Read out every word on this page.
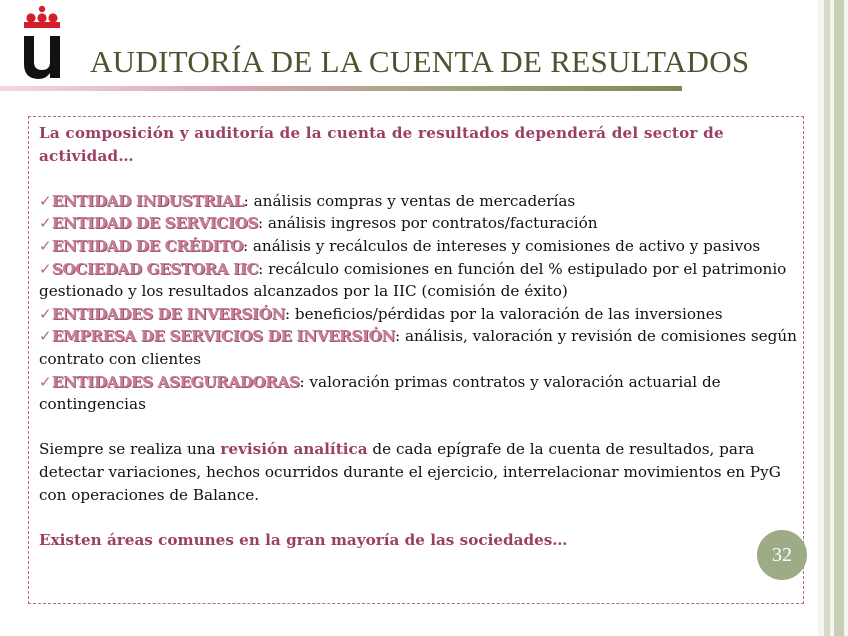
AUDITORÍA DE LA CUENTA DE RESULTADOS
La composición y auditoría de la cuenta de resultados dependerá del sector de actividad…
✓ENTIDAD INDUSTRIAL: análisis compras y ventas de mercaderías
✓ENTIDAD DE SERVICIOS: análisis ingresos por contratos/facturación
✓ENTIDAD DE CRÉDITO: análisis y recálculos de intereses y comisiones de activo y pasivos
✓SOCIEDAD GESTORA IIC: recálculo comisiones en función del % estipulado por el patrimonio gestionado y los resultados alcanzados por la IIC (comisión de éxito)
✓ENTIDADES DE INVERSIÓN: beneficios/pérdidas por la valoración de las inversiones
✓EMPRESA DE SERVICIOS DE INVERSIÓN: análisis, valoración y revisión de comisiones según contrato con clientes
✓ENTIDADES ASEGURADORAS: valoración primas contratos y valoración actuarial de contingencias
Siempre se realiza una revisión analítica de cada epígrafe de la cuenta de resultados, para detectar variaciones, hechos ocurridos durante el ejercicio, interrelacionar movimientos en PyG con operaciones de Balance.
Existen áreas comunes en la gran mayoría de las sociedades…
32
